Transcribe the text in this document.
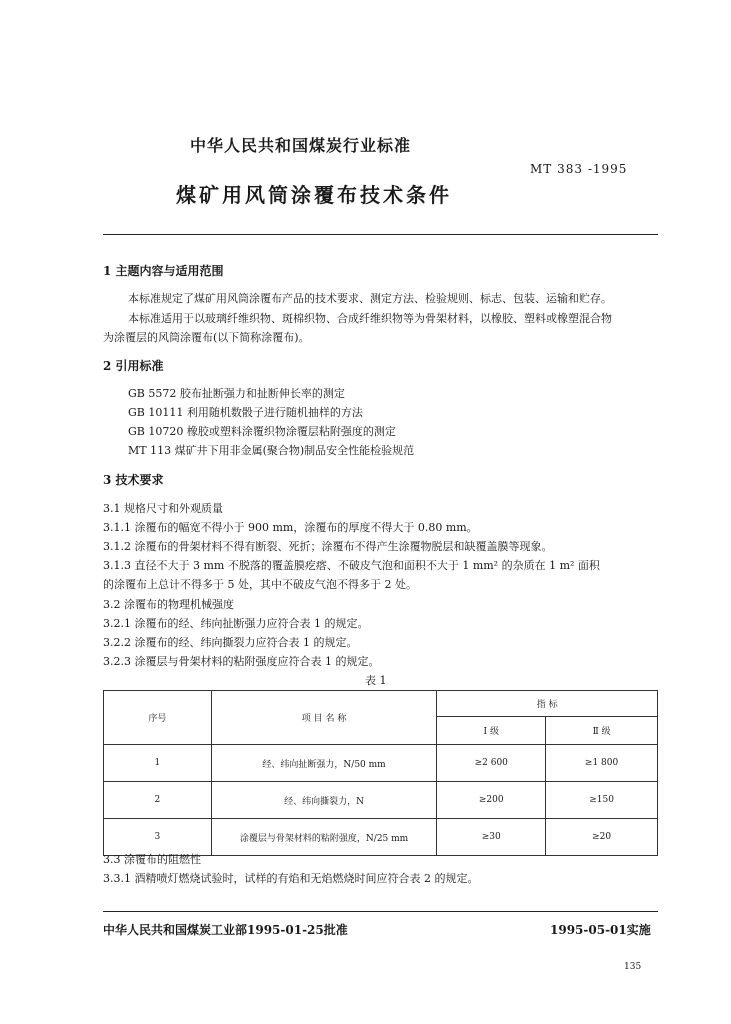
中华人民共和国煤炭行业标准
MT 383 -1995
煤矿用风筒涂覆布技术条件
1 主题内容与适用范围
本标准规定了煤矿用风筒涂覆布产品的技术要求、测定方法、检验规则、标志、包装、运输和贮存。
本标准适用于以玻璃纤维织物、斑棉织物、合成纤维织物等为骨架材料，以橡胶、塑料或橡塑混合物
为涂覆层的风筒涂覆布(以下简称涂覆布)。
2 引用标准
GB 5572 胶布扯断强力和扯断伸长率的测定
GB 10111 利用随机数骰子进行随机抽样的方法
GB 10720 橡胶或塑料涂覆织物涂覆层粘附强度的测定
MT 113 煤矿井下用非金属(聚合物)制品安全性能检验规范
3 技术要求
3.1 规格尺寸和外观质量
3.1.1 涂覆布的幅宽不得小于 900 mm，涂覆布的厚度不得大于 0.80 mm。
3.1.2 涂覆布的骨架材料不得有断裂、死折；涂覆布不得产生涂覆物脱层和缺覆盖膜等现象。
3.1.3 直径不大于 3 mm 不脱落的覆盖膜疙瘩、不破皮气泡和面积不大于 1 mm² 的杂质在 1 m² 面积
的涂覆布上总计不得多于 5 处，其中不破皮气泡不得多于 2 处。
3.2 涂覆布的物理机械强度
3.2.1 涂覆布的经、纬向扯断强力应符合表 1 的规定。
3.2.2 涂覆布的经、纬向撕裂力应符合表 1 的规定。
3.2.3 涂覆层与骨架材料的粘附强度应符合表 1 的规定。
表 1
序号	项 目 名 称	指 标	
		I 级	Ⅱ 级
1	经、纬向扯断强力，N/50 mm	≥2 600	≥1 800
2	经、纬向撕裂力，N	≥200	≥150
3	涂覆层与骨架材料的粘附强度，N/25 mm	≥30	≥20
3.3 涂覆布的阻燃性
3.3.1 酒精喷灯燃烧试验时，试样的有焰和无焰燃烧时间应符合表 2 的规定。
中华人民共和国煤炭工业部1995-01-25批准	1995-05-01实施
135
